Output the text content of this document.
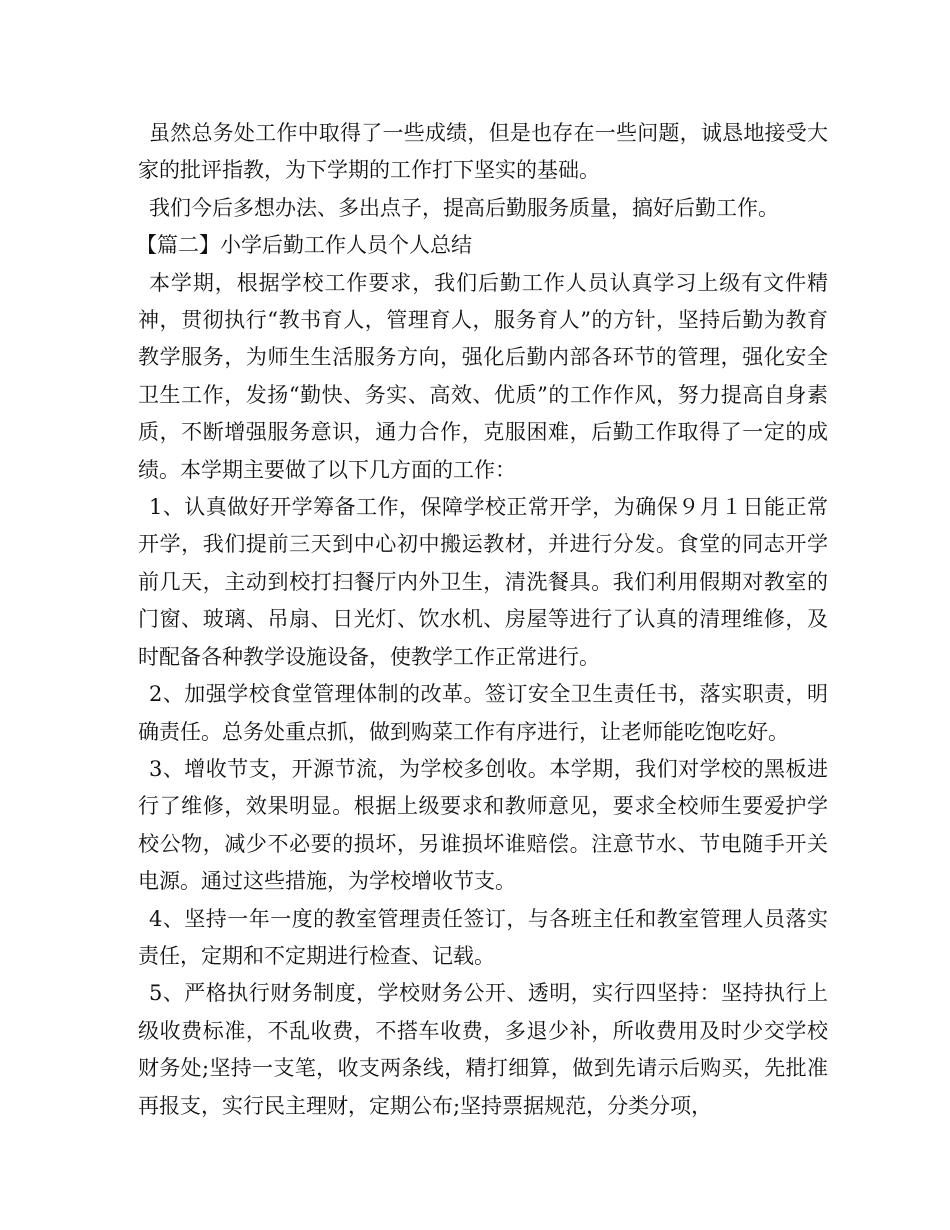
虽然总务处工作中取得了一些成绩，但是也存在一些问题，诚恳地接受大家的批评指教，为下学期的工作打下坚实的基础。

我们今后多想办法、多出点子，提高后勤服务质量，搞好后勤工作。

【篇二】小学后勤工作人员个人总结

本学期，根据学校工作要求，我们后勤工作人员认真学习上级有文件精神，贯彻执行“教书育人，管理育人，服务育人”的方针，坚持后勤为教育教学服务，为师生生活服务方向，强化后勤内部各环节的管理，强化安全卫生工作，发扬“勤快、务实、高效、优质”的工作作风，努力提高自身素质，不断增强服务意识，通力合作，克服困难，后勤工作取得了一定的成绩。本学期主要做了以下几方面的工作：

1、认真做好开学筹备工作，保障学校正常开学，为确保９月１日能正常开学，我们提前三天到中心初中搬运教材，并进行分发。食堂的同志开学前几天，主动到校打扫餐厅内外卫生，清洗餐具。我们利用假期对教室的门窗、玻璃、吊扇、日光灯、饮水机、房屋等进行了认真的清理维修，及时配备各种教学设施设备，使教学工作正常进行。

2、加强学校食堂管理体制的改革。签订安全卫生责任书，落实职责，明确责任。总务处重点抓，做到购菜工作有序进行，让老师能吃饱吃好。

3、增收节支，开源节流，为学校多创收。本学期，我们对学校的黑板进行了维修，效果明显。根据上级要求和教师意见，要求全校师生要爱护学校公物，减少不必要的损坏，另谁损坏谁赔偿。注意节水、节电随手开关电源。通过这些措施，为学校增收节支。

4、坚持一年一度的教室管理责任签订，与各班主任和教室管理人员落实责任，定期和不定期进行检查、记载。

5、严格执行财务制度，学校财务公开、透明，实行四坚持：坚持执行上级收费标准，不乱收费，不搭车收费，多退少补，所收费用及时少交学校财务处;坚持一支笔，收支两条线，精打细算，做到先请示后购买，先批准再报支，实行民主理财，定期公布;坚持票据规范，分类分项，
